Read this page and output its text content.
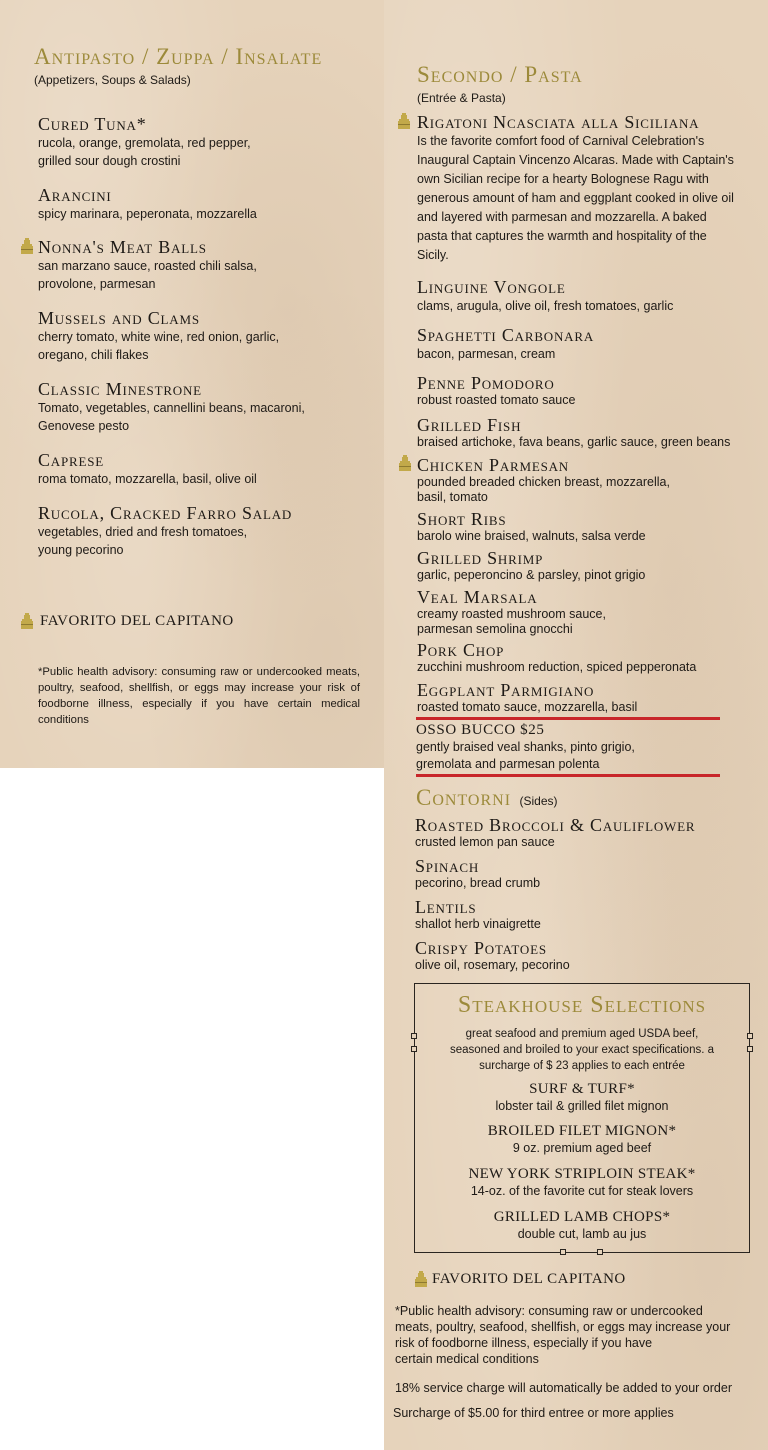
Antipasto / Zuppa / Insalate
(Appetizers, Soups & Salads)
Cured Tuna*
rucola, orange, gremolata, red pepper, grilled sour dough crostini
Arancini
spicy marinara, peperonata, mozzarella
Nonna's Meat Balls
san marzano sauce, roasted chili salsa, provolone, parmesan
Mussels and Clams
cherry tomato, white wine, red onion, garlic, oregano, chili flakes
Classic Minestrone
Tomato, vegetables, cannellini beans, macaroni, Genovese pesto
Caprese
roma tomato, mozzarella, basil, olive oil
Rucola, Cracked Farro Salad
vegetables, dried and fresh tomatoes, young pecorino
FAVORITO DEL CAPITANO
*Public health advisory: consuming raw or undercooked meats, poultry, seafood, shellfish, or eggs may increase your risk of foodborne illness, especially if you have certain medical conditions
Secondo / Pasta
(Entrée & Pasta)
Rigatoni Ncasciata alla Siciliana
Is the favorite comfort food of Carnival Celebration's Inaugural Captain Vincenzo Alcaras. Made with Captain's own Sicilian recipe for a hearty Bolognese Ragu with generous amount of ham and eggplant cooked in olive oil and layered with parmesan and mozzarella. A baked pasta that captures the warmth and hospitality of the Sicily.
Linguine Vongole
clams, arugula, olive oil, fresh tomatoes, garlic
Spaghetti Carbonara
bacon, parmesan, cream
Penne Pomodoro
robust roasted tomato sauce
Grilled Fish
braised artichoke, fava beans, garlic sauce, green beans
Chicken Parmesan
pounded breaded chicken breast, mozzarella, basil, tomato
Short Ribs
barolo wine braised, walnuts, salsa verde
Grilled Shrimp
garlic, peperoncino & parsley, pinot grigio
Veal Marsala
creamy roasted mushroom sauce, parmesan semolina gnocchi
Pork Chop
zucchini mushroom reduction, spiced pepperonata
Eggplant Parmigiano
roasted tomato sauce, mozzarella, basil
OSSO BUCCO $25
gently braised veal shanks, pinto grigio, gremolata and parmesan polenta
Contorni (Sides)
Roasted Broccoli & Cauliflower
crusted lemon pan sauce
Spinach
pecorino, bread crumb
Lentils
shallot herb vinaigrette
Crispy Potatoes
olive oil, rosemary, pecorino
Steakhouse Selections
great seafood and premium aged USDA beef, seasoned and broiled to your exact specifications. a surcharge of $ 23 applies to each entrée
SURF & TURF*
lobster tail & grilled filet mignon
BROILED FILET MIGNON*
9 oz. premium aged beef
NEW YORK STRIPLOIN STEAK*
14-oz. of the favorite cut for steak lovers
GRILLED LAMB CHOPS*
double cut, lamb au jus
FAVORITO DEL CAPITANO
*Public health advisory: consuming raw or undercooked
meats, poultry, seafood, shellfish, or eggs may increase your
risk of foodborne illness, especially if you have
certain medical conditions
18% service charge will automatically be added to your order
Surcharge of $5.00 for third entree or more applies
